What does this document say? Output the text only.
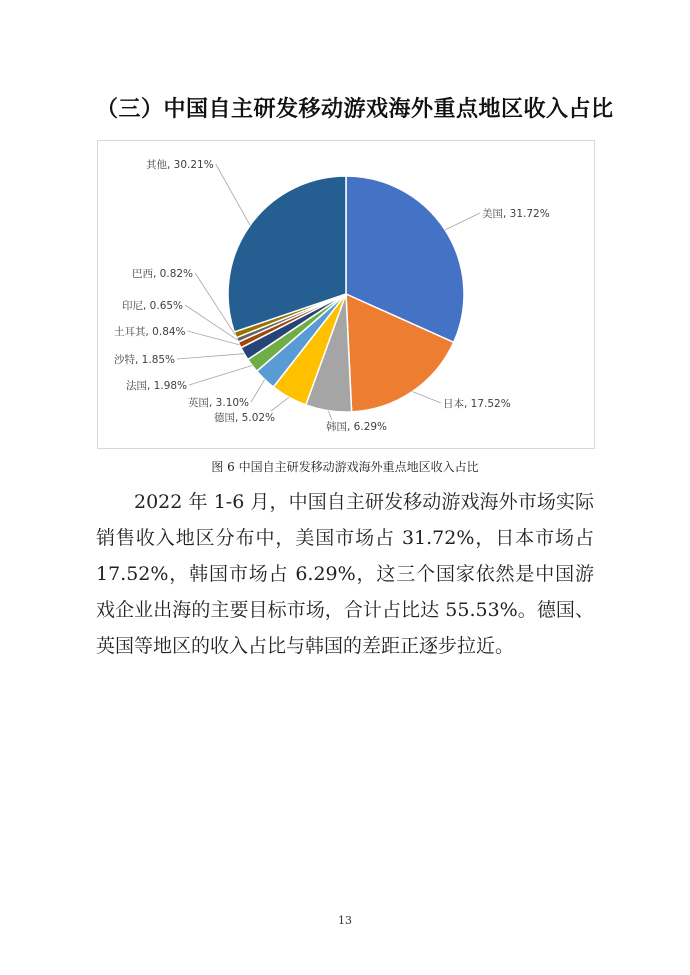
（三）中国自主研发移动游戏海外重点地区收入占比
美国, 31.72%
日本, 17.52%
韩国, 6.29%
德国, 5.02%
英国, 3.10%
法国, 1.98%
沙特, 1.85%
土耳其, 0.84%
印尼, 0.65%
巴西, 0.82%
其他, 30.21%
图 6 中国自主研发移动游戏海外重点地区收入占比
2022 年 1-6 月，中国自主研发移动游戏海外市场实际销售收入地区分布中，美国市场占 31.72%，日本市场占 17.52%，韩国市场占 6.29%，这三个国家依然是中国游戏企业出海的主要目标市场，合计占比达 55.53%。德国、英国等地区的收入占比与韩国的差距正逐步拉近。
13
